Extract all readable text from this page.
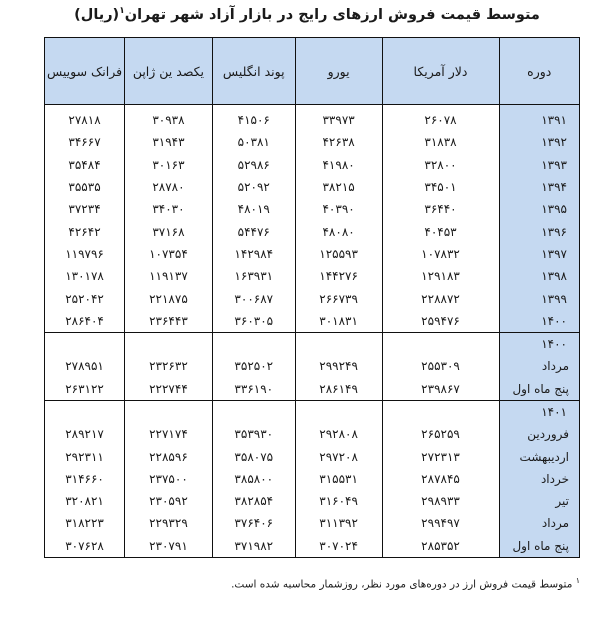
متوسط قیمت فروش ارزهای رایج در بازار آزاد شهر تهران$^۱$(ریال)
دوره	دلار آمریکا	یورو	پوند انگلیس	یکصد ین ژاپن	فرانک سوییس
۱۳۹۱	۲۶۰۷۸	۳۳۹۷۳	۴۱۵۰۶	۳۰۹۳۸	۲۷۸۱۸
۱۳۹۲	۳۱۸۳۸	۴۲۶۳۸	۵۰۳۸۱	۳۱۹۴۳	۳۴۶۶۷
۱۳۹۳	۳۲۸۰۰	۴۱۹۸۰	۵۲۹۸۶	۳۰۱۶۳	۳۵۴۸۴
۱۳۹۴	۳۴۵۰۱	۳۸۲۱۵	۵۲۰۹۲	۲۸۷۸۰	۳۵۵۳۵
۱۳۹۵	۳۶۴۴۰	۴۰۳۹۰	۴۸۰۱۹	۳۴۰۳۰	۳۷۲۳۴
۱۳۹۶	۴۰۴۵۳	۴۸۰۸۰	۵۴۴۷۶	۳۷۱۶۸	۴۲۶۴۲
۱۳۹۷	۱۰۷۸۳۲	۱۲۵۵۹۳	۱۴۲۹۸۴	۱۰۷۳۵۴	۱۱۹۷۹۶
۱۳۹۸	۱۲۹۱۸۳	۱۴۴۲۷۶	۱۶۳۹۳۱	۱۱۹۱۳۷	۱۳۰۱۷۸
۱۳۹۹	۲۲۸۸۷۲	۲۶۶۷۳۹	۳۰۰۶۸۷	۲۲۱۸۷۵	۲۵۲۰۴۲
۱۴۰۰	۲۵۹۴۷۶	۳۰۱۸۳۱	۳۶۰۳۰۵	۲۳۶۴۴۳	۲۸۶۴۰۴
۱۴۰۰					
مرداد	۲۵۵۳۰۹	۲۹۹۲۴۹	۳۵۲۵۰۲	۲۳۲۶۳۲	۲۷۸۹۵۱
پنج ماه اول	۲۳۹۸۶۷	۲۸۶۱۴۹	۳۳۶۱۹۰	۲۲۲۷۴۴	۲۶۳۱۲۲
۱۴۰۱					
فروردین	۲۶۵۲۵۹	۲۹۲۸۰۸	۳۵۳۹۳۰	۲۲۷۱۷۴	۲۸۹۲۱۷
اردیبهشت	۲۷۲۳۱۳	۲۹۷۲۰۸	۳۵۸۰۷۵	۲۲۸۵۹۶	۲۹۲۳۱۱
خرداد	۲۸۷۸۴۵	۳۱۵۵۳۱	۳۸۵۸۰۰	۲۳۷۵۰۰	۳۱۴۶۶۰
تیر	۲۹۸۹۳۳	۳۱۶۰۴۹	۳۸۲۸۵۴	۲۳۰۵۹۲	۳۲۰۸۲۱
مرداد	۲۹۹۴۹۷	۳۱۱۳۹۲	۳۷۶۴۰۶	۲۲۹۳۲۹	۳۱۸۲۲۳
پنج ماه اول	۲۸۵۳۵۲	۳۰۷۰۲۴	۳۷۱۹۸۲	۲۳۰۷۹۱	۳۰۷۶۲۸
$^۱$ متوسط قیمت فروش ارز در دوره‌های مورد نظر، روزشمار محاسبه شده است.
